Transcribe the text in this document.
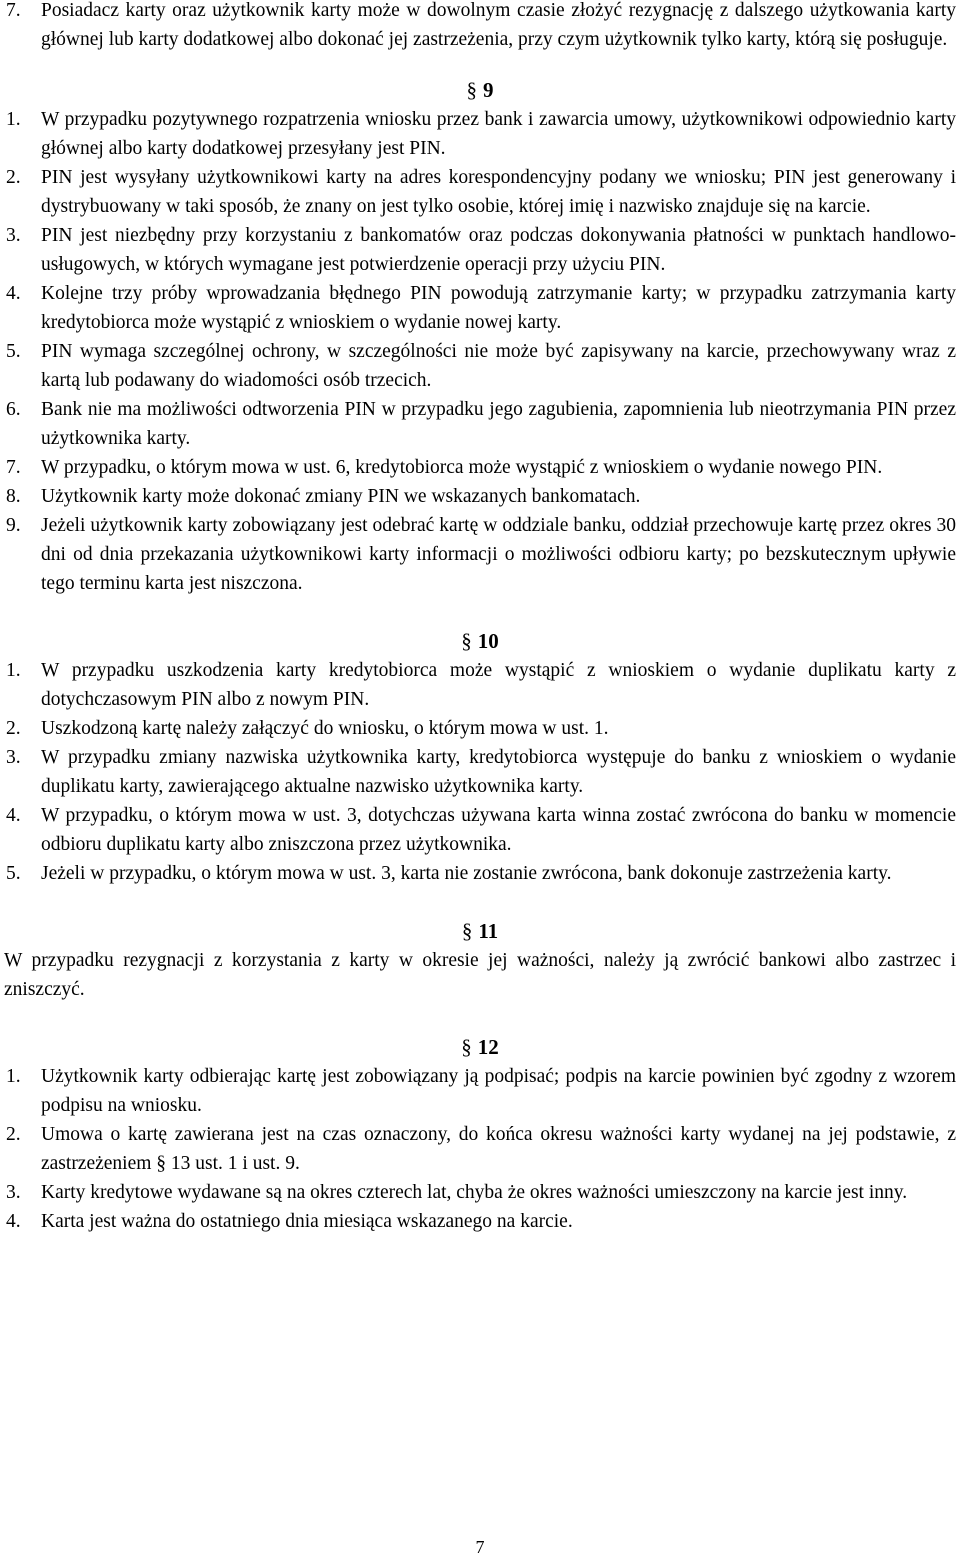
7.	Posiadacz karty oraz użytkownik karty może w dowolnym czasie złożyć rezygnację z dalszego użytkowania karty głównej lub karty dodatkowej albo dokonać jej zastrzeżenia, przy czym użytkownik tylko karty, którą się posługuje.
§ 9
1.	W przypadku pozytywnego rozpatrzenia wniosku przez bank i zawarcia umowy, użytkownikowi odpowiednio karty głównej albo karty dodatkowej przesyłany jest PIN.
2.	PIN jest wysyłany użytkownikowi karty na adres korespondencyjny podany we wniosku; PIN jest generowany i dystrybuowany w taki sposób, że znany on jest tylko osobie, której imię i nazwisko znajduje się na karcie.
3.	PIN jest niezbędny przy korzystaniu z bankomatów oraz podczas dokonywania płatności w punktach handlowo-usługowych, w których wymagane jest potwierdzenie operacji przy użyciu PIN.
4.	Kolejne trzy próby wprowadzania błędnego PIN powodują zatrzymanie karty; w przypadku zatrzymania karty kredytobiorca może wystąpić z wnioskiem o wydanie nowej karty.
5.	PIN wymaga szczególnej ochrony, w szczególności nie może być zapisywany na karcie, przechowywany wraz z kartą lub podawany do wiadomości osób trzecich.
6.	Bank nie ma możliwości odtworzenia PIN w przypadku jego zagubienia, zapomnienia lub nieotrzymania PIN przez użytkownika karty.
7.	W przypadku, o którym mowa w ust. 6, kredytobiorca może wystąpić z wnioskiem o wydanie nowego PIN.
8.	Użytkownik karty może dokonać zmiany PIN we wskazanych bankomatach.
9.	Jeżeli użytkownik karty zobowiązany jest odebrać kartę w oddziale banku, oddział przechowuje kartę przez okres 30 dni od dnia przekazania użytkownikowi karty informacji o możliwości odbioru karty; po bezskutecznym upływie tego terminu karta jest niszczona.
§ 10
1.	W przypadku uszkodzenia karty kredytobiorca może wystąpić z wnioskiem o wydanie duplikatu karty z dotychczasowym PIN albo z nowym PIN.
2.	Uszkodzoną kartę należy załączyć do wniosku, o którym mowa w ust. 1.
3.	W przypadku zmiany nazwiska użytkownika karty, kredytobiorca występuje do banku z wnioskiem o wydanie duplikatu karty, zawierającego aktualne nazwisko użytkownika karty.
4.	W przypadku, o którym mowa w ust. 3, dotychczas używana karta winna zostać zwrócona do banku w momencie odbioru duplikatu karty albo zniszczona przez użytkownika.
5.	Jeżeli w przypadku, o którym mowa w ust. 3, karta nie zostanie zwrócona, bank dokonuje zastrzeżenia karty.
§ 11

W przypadku rezygnacji z korzystania z karty w okresie jej ważności, należy ją zwrócić bankowi albo zastrzec i zniszczyć.

§ 12
1.	Użytkownik karty odbierając kartę jest zobowiązany ją podpisać; podpis na karcie powinien być zgodny z wzorem podpisu na wniosku.
2.	Umowa o kartę zawierana jest na czas oznaczony, do końca okresu ważności karty wydanej na jej podstawie, z zastrzeżeniem § 13 ust. 1 i ust. 9.
3.	Karty kredytowe wydawane są na okres czterech lat, chyba że okres ważności umieszczony na karcie jest inny.
4.	Karta jest ważna do ostatniego dnia miesiąca wskazanego na karcie.
7
